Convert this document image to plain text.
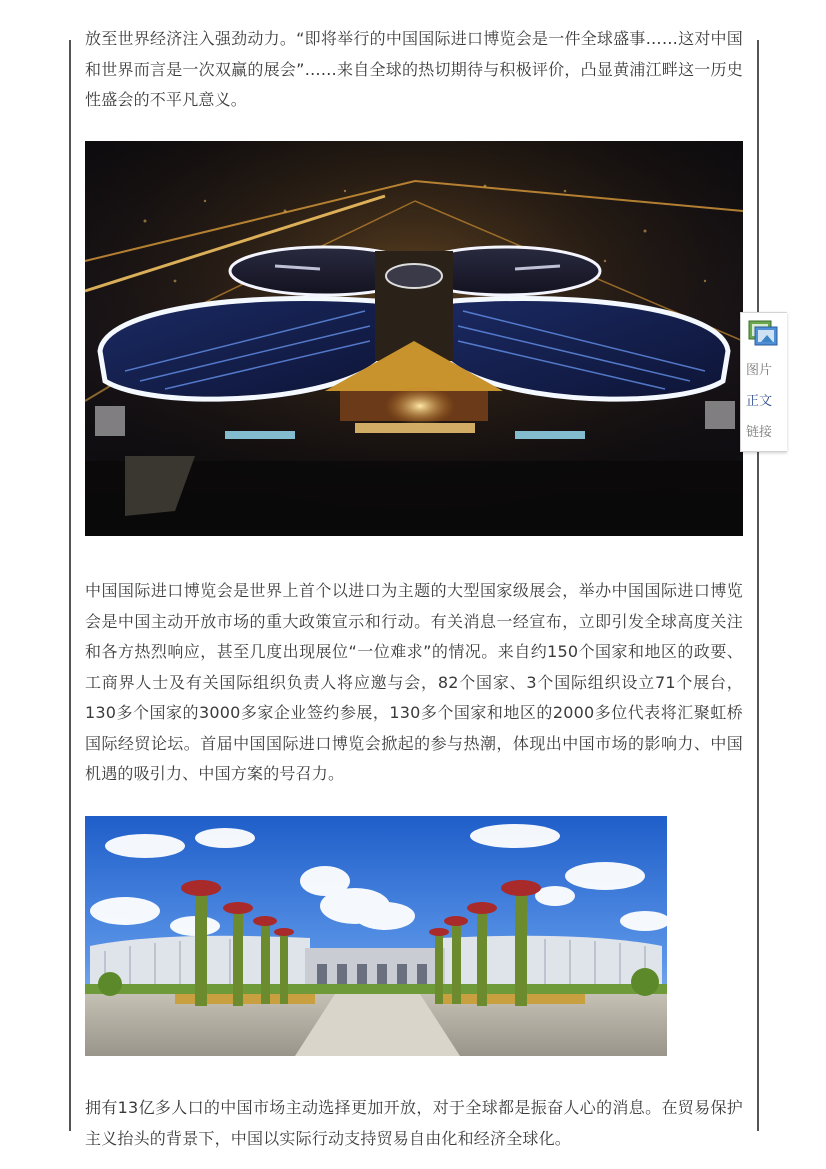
放至世界经济注入强劲动力。“即将举行的中国国际进口博览会是一件全球盛事……这对中国和世界而言是一次双赢的展会”……来自全球的热切期待与积极评价，凸显黄浦江畔这一历史性盛会的不平凡意义。

中国国际进口博览会是世界上首个以进口为主题的大型国家级展会，举办中国国际进口博览会是中国主动开放市场的重大政策宣示和行动。有关消息一经宣布，立即引发全球高度关注和各方热烈响应，甚至几度出现展位“一位难求”的情况。来自约150个国家和地区的政要、工商界人士及有关国际组织负责人将应邀与会，82个国家、3个国际组织设立71个展台，130多个国家的3000多家企业签约参展，130多个国家和地区的2000多位代表将汇聚虹桥国际经贸论坛。首届中国国际进口博览会掀起的参与热潮，体现出中国市场的影响力、中国机遇的吸引力、中国方案的号召力。

拥有13亿多人口的中国市场主动选择更加开放，对于全球都是振奋人心的消息。在贸易保护主义抬头的背景下，中国以实际行动支持贸易自由化和经济全球化。

图片
正文
链接
